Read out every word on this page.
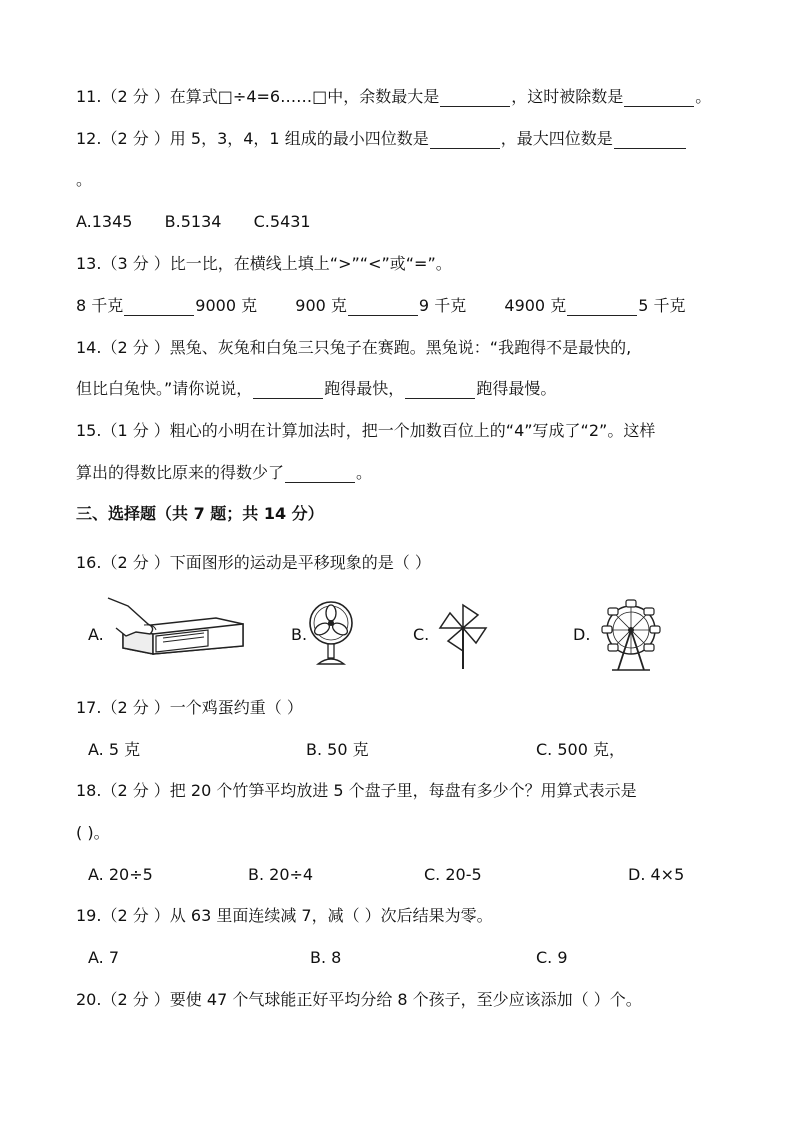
11.（2 分 ）在算式□÷4=6……□中，余数最大是	，这时被除数是	。
12.（2 分 ）用 5，3，4，1 组成的最小四位数是	，最大四位数是
。
A.1345 B.5134 C.5431
13.（3 分 ）比一比，在横线上填上“>”“<”或“=”。
8 千克	9000 克 900 克	9 千克 4900 克	5 千克
14.（2 分 ）黑兔、灰兔和白兔三只兔子在赛跑。黑兔说：“我跑得不是最快的,
但比白兔快。”请你说说，	跑得最快，	跑得最慢。
15.（1 分 ）粗心的小明在计算加法时，把一个加数百位上的“4”写成了“2”。这样
算出的得数比原来的得数少了	。
三、选择题（共 7 题；共 14 分）
16.（2 分 ）下面图形的运动是平移现象的是（ ）
A.	B.	C.	D.
17.（2 分 ）一个鸡蛋约重（ ）
A. 5 克	B. 50 克	C. 500 克，
18.（2 分 ）把 20 个竹笋平均放进 5 个盘子里，每盘有多少个？用算式表示是
( )。
A. 20÷5	B. 20÷4	C. 20-5	D. 4×5
19.（2 分 ）从 63 里面连续减 7，减（ ）次后结果为零。
A. 7	B. 8	C. 9
20.（2 分 ）要使 47 个气球能正好平均分给 8 个孩子，至少应该添加（ ）个。
